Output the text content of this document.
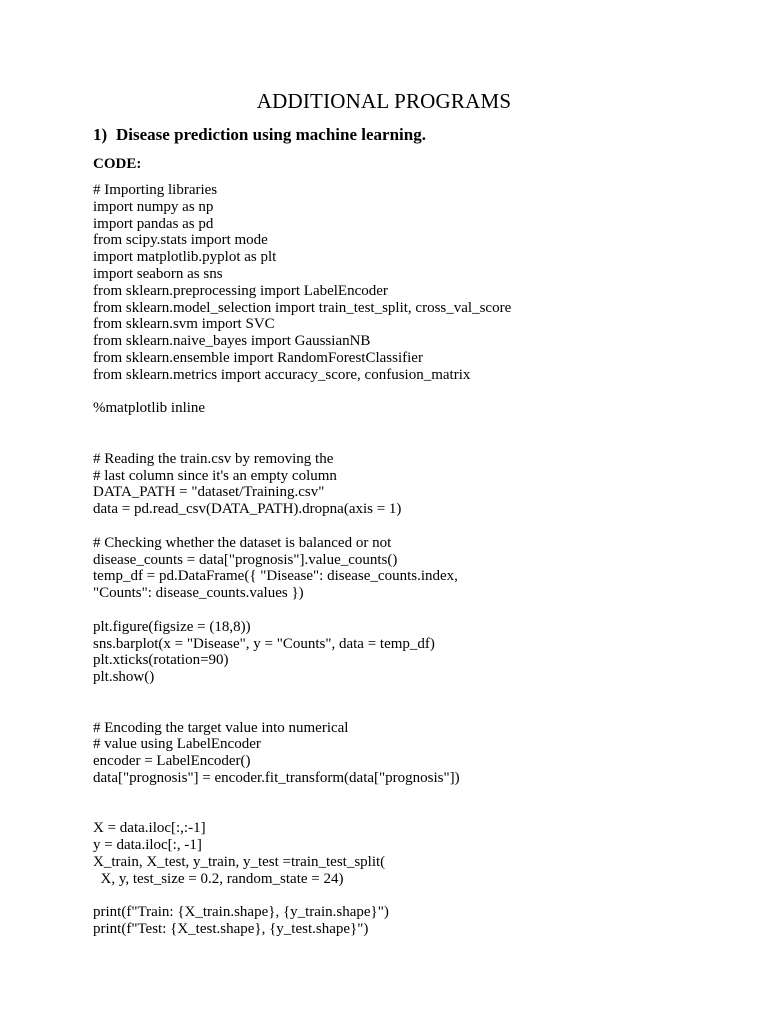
ADDITIONAL PROGRAMS
1) Disease prediction using machine learning.
CODE:
# Importing libraries
import numpy as np
import pandas as pd
from scipy.stats import mode
import matplotlib.pyplot as plt
import seaborn as sns
from sklearn.preprocessing import LabelEncoder
from sklearn.model_selection import train_test_split, cross_val_score
from sklearn.svm import SVC
from sklearn.naive_bayes import GaussianNB
from sklearn.ensemble import RandomForestClassifier
from sklearn.metrics import accuracy_score, confusion_matrix
%matplotlib inline
# Reading the train.csv by removing the
# last column since it's an empty column
DATA_PATH = "dataset/Training.csv"
data = pd.read_csv(DATA_PATH).dropna(axis = 1)
# Checking whether the dataset is balanced or not
disease_counts = data["prognosis"].value_counts()
temp_df = pd.DataFrame({ "Disease": disease_counts.index,
"Counts": disease_counts.values })
plt.figure(figsize = (18,8))
sns.barplot(x = "Disease", y = "Counts", data = temp_df)
plt.xticks(rotation=90)
plt.show()
# Encoding the target value into numerical
# value using LabelEncoder
encoder = LabelEncoder()
data["prognosis"] = encoder.fit_transform(data["prognosis"])
X = data.iloc[:,:-1]
y = data.iloc[:, -1]
X_train, X_test, y_train, y_test =train_test_split(
X, y, test_size = 0.2, random_state = 24)
print(f"Train: {X_train.shape}, {y_train.shape}")
print(f"Test: {X_test.shape}, {y_test.shape}")
